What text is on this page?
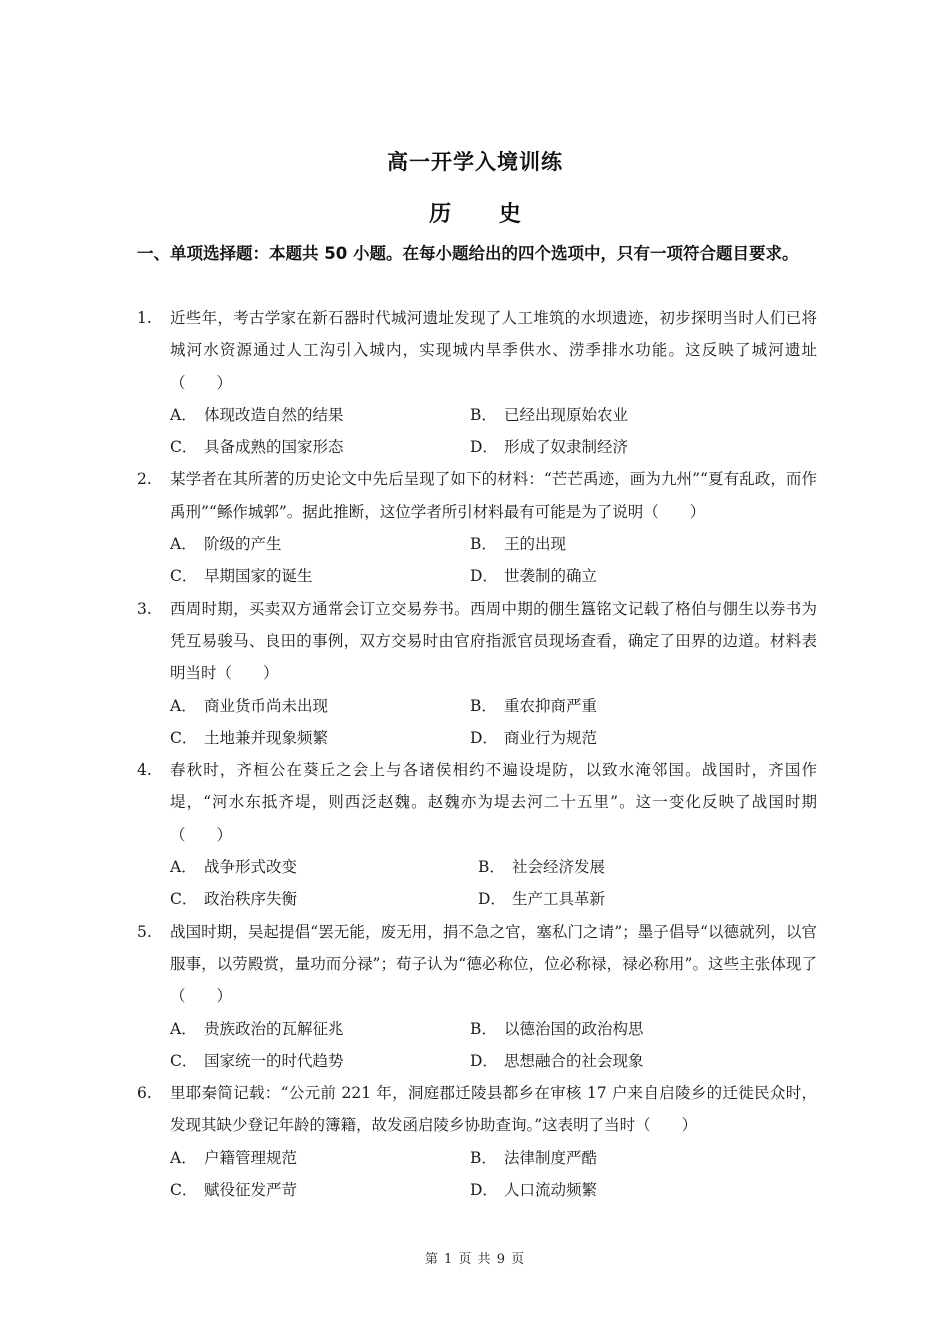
高一开学入境训练
历 史
一、 单项选择题：本题共 50 小题。在每小题给出的四个选项中，只有一项符合题目要求。
1.	近些年，考古学家在新石器时代城河遗址发现了人工堆筑的水坝遗迹，初步探明当时人们已将城河水资源通过人工沟引入城内，实现城内旱季供水、涝季排水功能。这反映了城河遗址（　　）
A． 体现改造自然的结果	B． 已经出现原始农业
C． 具备成熟的国家形态	D． 形成了奴隶制经济
2.	某学者在其所著的历史论文中先后呈现了如下的材料：“芒芒禹迹，画为九州”“夏有乱政，而作禹刑”“鲧作城郭”。据此推断，这位学者所引材料最有可能是为了说明（　　）
A． 阶级的产生	B． 王的出现
C． 早期国家的诞生	D． 世袭制的确立
3.	西周时期，买卖双方通常会订立交易券书。西周中期的倗生簋铭文记载了格伯与倗生以券书为凭互易骏马、良田的事例，双方交易时由官府指派官员现场查看，确定了田界的边道。材料表明当时（　　）
A． 商业货币尚未出现	B． 重农抑商严重
C． 土地兼并现象频繁	D． 商业行为规范
4.	春秋时，齐桓公在葵丘之会上与各诸侯相约不遍设堤防，以致水淹邻国。战国时，齐国作堤，“河水东抵齐堤，则西泛赵魏。赵魏亦为堤去河二十五里”。这一变化反映了战国时期（　　）
A． 战争形式改变	B． 社会经济发展
C． 政治秩序失衡	D． 生产工具革新
5.	战国时期，吴起提倡“罢无能，废无用，捐不急之官，塞私门之请”；墨子倡导“以德就列，以官服事，以劳殿赏，量功而分禄”；荀子认为“德必称位，位必称禄，禄必称用”。这些主张体现了（　　）
A． 贵族政治的瓦解征兆	B． 以德治国的政治构思
C． 国家统一的时代趋势	D． 思想融合的社会现象
6.	里耶秦简记载：“公元前 221 年，洞庭郡迁陵县都乡在审核 17 户来自启陵乡的迁徙民众时，发现其缺少登记年龄的簿籍，故发函启陵乡协助查询。”这表明了当时（　　）
A． 户籍管理规范	B． 法律制度严酷
C． 赋役征发严苛	D． 人口流动频繁
第 1 页 共 9 页
